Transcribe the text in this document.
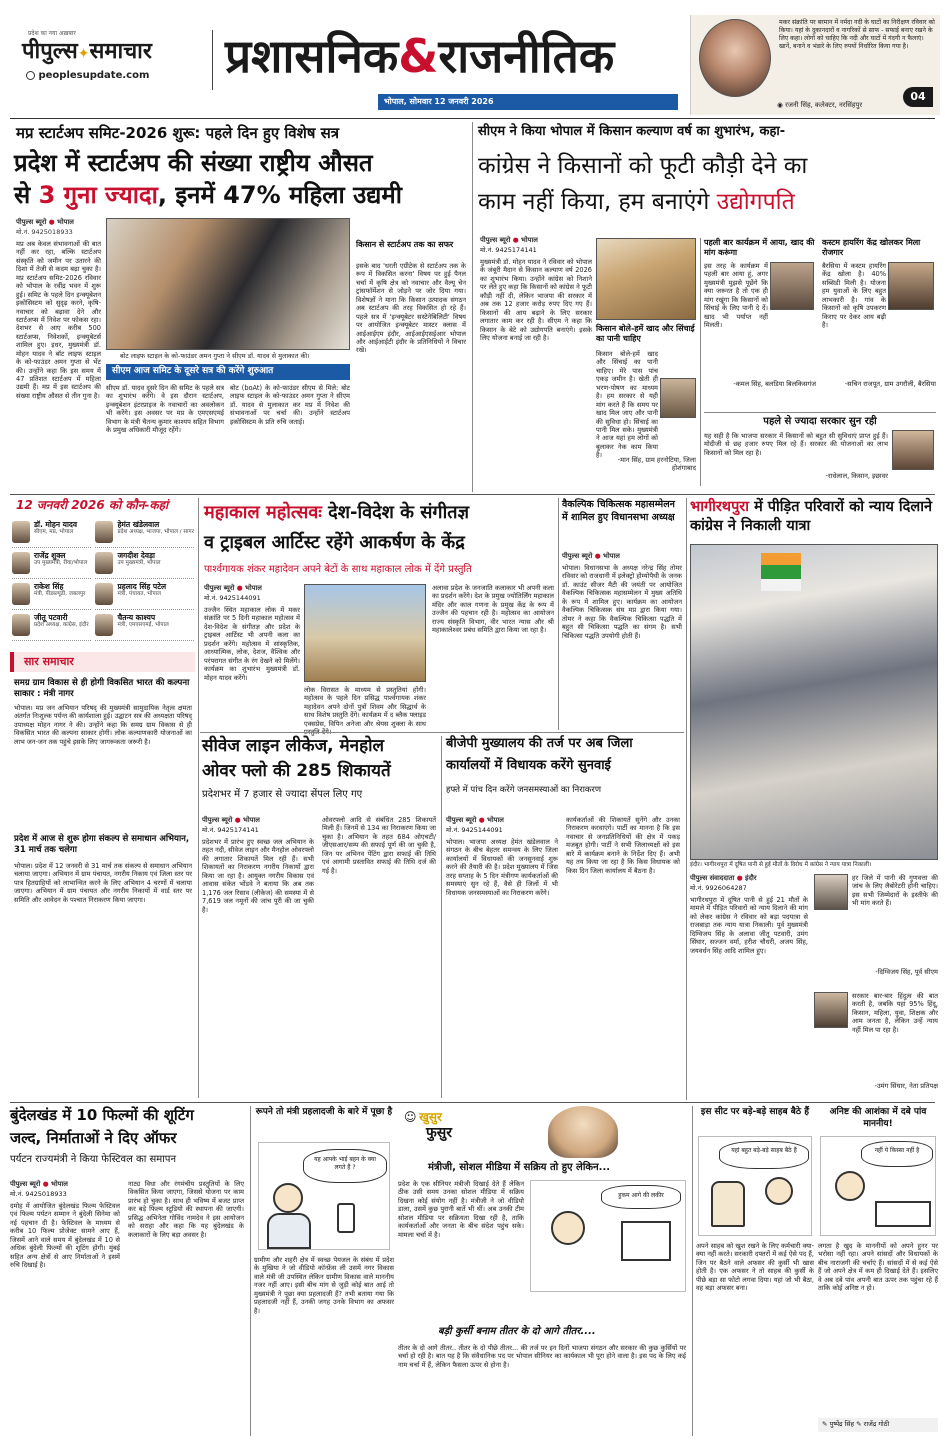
प्रदेश का नया अख़बार
पीपुल्स✦समाचार
peoplesupdate.com प्रशासनिक&राजनीतिक
भोपाल, सोमवार 12 जनवरी 2026
मकर संक्रांति पर बरमान में नर्मदा नदी के घाटों का निरीक्षण रविवार को किया। यहां के दुकानदारों व नागरिकों से साफ - सफाई बनाए रखने के लिए कहा। लोगों को चाहिए कि नदी और घाटों में गंदगी न फैलाएं। खानें, बनाने व भंडारे के लिए रुपयों निर्धारित किया गया है।
◉ रजनी सिंह, कलेक्टर, नरसिंहपुर
04
मप्र स्टार्टअप समिट-2026 शुरू: पहले दिन हुए विशेष सत्र
प्रदेश में स्टार्टअप की संख्या राष्ट्रीय औसत
से 3 गुना ज्यादा, इनमें 47% महिला उद्यमी
पीपुल्स ब्यूरो ● भोपाल
मो.नं. 9425018933
मप्र अब केवल संभावनाओं की बात नहीं कर रहा, बल्कि स्टार्टअप संस्कृति को जमीन पर उतारने की दिशा में तेजी से कदम बढ़ा चुका है। मप्र स्टार्टअप समिट-2026 रविवार को भोपाल के रवींद्र भवन में शुरू हुई। समिट के पहले दिन इन्क्यूबेशन इकोसिस्टम को सुदृढ़ करने, कृषि-नवाचार को बढ़ावा देने और स्टार्टअप्स में निवेश पर फोकस रहा। देशभर से आए करीब 500 स्टार्टअप्स, निवेशकों, इन्क्यूबेटर्स शामिल हुए। इधर, मुख्यमंत्री डॉ. मोहन यादव ने बॉट लाइफ स्टाइल के को-फाउंडर अमन गुप्ता से भेंट की। उन्होंने कहा कि इस समय में 47 प्रतिशत स्टार्टअप में महिला उद्यमी हैं। मप्र में इस स्टार्टअप की संख्या राष्ट्रीय औसत से तीन गुना है।
बोट लाइफ स्टाइल के को-फाउंडर अमन गुप्ता ने सीएम डॉ. यादव से मुलाकात की।
सीएम आज समिट के दूसरे सत्र की करेंगे शुरुआत
सीएम डॉ. यादव दूसरे दिन की समिट के पहले सत्र का शुभारंभ करेंगे। वे इस दौरान स्टार्टअप, इन्क्यूबेशन इंटरप्राइज के नवाचारों का अवलोकन भी करेंगे। इस अवसर पर मप्र के एमएसएमई विभाग के मंत्री चैतन्य कुमार काश्यप सहित विभाग के प्रमुख अधिकारी मौजूद रहेंगे।
बोट (boAt) के को-फाउंडर सीएम से मिले: बोट लाइफ स्टाइल के को-फाउंडर अमन गुप्ता ने सीएम डॉ. यादव से मुलाकात कर मप्र में निवेश की संभावनाओं पर चर्चा की। उन्होंने स्टार्टअप इकोसिस्टम के प्रति रुचि जताई।
किसान से स्टार्टअप तक का सफर
इसके बाद 'धरती एग्रीटेक से स्टार्टअप तक के रूप में विकसित करना' विषय पर हुई पैनल चर्चा में कृषि क्षेत्र को नवाचार और वैल्यू चेन ट्रांसफॉर्मेशन से जोड़ने पर जोर दिया गया। विशेषज्ञों ने माना कि किसान उत्पादक संगठन अब स्टार्टअप की तरह विकसित हो रहे हैं। पहले सत्र में 'इन्क्यूबेटर सस्टेनेबिलिटी' विषय पर आयोजित इन्क्यूबेटर मास्टर क्लास में आईआईएम इंदौर, आईआईएसईआर भोपाल और आईआईटी इंदौर के प्रतिनिधियों ने विचार रखे।
सीएम ने किया भोपाल में किसान कल्याण वर्ष का शुभारंभ, कहा-
कांग्रेस ने किसानों को फूटी कौड़ी देने का
काम नहीं किया, हम बनाएंगे उद्योगपति
पीपुल्स ब्यूरो ● भोपाल
मो.नं. 9425174141
मुख्यमंत्री डॉ. मोहन यादव ने रविवार को भोपाल के जंबूरी मैदान से किसान कल्याण वर्ष 2026 का शुभारंभ किया। उन्होंने कांग्रेस को निशाने पर लेते हुए कहा कि किसानों को कांग्रेस ने फूटी कौड़ी नहीं दी, लेकिन भाजपा की सरकार में अब तक 12 हजार करोड़ रुपए दिए गए हैं। किसानों की आय बढ़ाने के लिए सरकार लगातार काम कर रही है। सीएम ने कहा कि किसान के बेटे को उद्योगपति बनाएंगे। इसके लिए योजना बनाई जा रही है।
किसान बोले-हमें खाद और सिंचाई का पानी चाहिए
किसान बोले-हमें खाद और सिंचाई का पानी चाहिए। मेरे पास पांच एकड़ जमीन है। खेती ही भरण-पोषण का माध्यम है। हम सरकार से यही मांग करते हैं कि समय पर खाद मिल जाए और पानी की सुविधा हो। सिंचाई का पानी मिल सके। मुख्यमंत्री ने आज यहां हम लोगों को बुलाकर नेक काम किया है।
-मान सिंह, ग्राम हरनोटिया, जिला होशंगाबाद
पहली बार कार्यक्रम में आया, खाद की मांग करूंगा
इस तरह के कार्यक्रम में पहली बार आया हूं, अगर मुख्यमंत्री मुझसे पूछेंगे कि क्या जरूरत है तो एक ही मांग रखूंगा कि किसानों को सिंचाई के लिए पानी दे दें। खाद भी पर्याप्त नहीं मिलती।
-कमल सिंह, बलडिया बिलकिसगंज
कस्टम हायरिंग केंद्र खोलकर मिला रोजगार
बैरसिया में कस्टम हायरिंग केंद्र खोला है। 40% सब्सिडी मिली है। योजना हम युवाओं के लिए बहुत लाभकारी है। गांव के किसानों को कृषि उपकरण किराए पर देकर आय बढ़ी है।
-सचिन राजपूत, ग्राम उगरौली, बैरसिया
पहले से ज्यादा सरकार सुन रही
यह सही है कि भाजपा सरकार में किसानों को बहुत सी सुविधाएं प्राप्त हुई हैं। मोदीजी से छह हजार रुपए मिल रहे हैं। सरकार की योजनाओं का लाभ किसानों को मिल रहा है।
-राधेलाल, किसान, इछावर
12 जनवरी 2026 को कौन-कहां
डॉ. मोहन यादव
सीएम, मप्र, भोपाल
हेमंत खंडेलवाल
प्रदेश अध्यक्ष, भाजपा, भोपाल / सागर
राजेंद्र शुक्ल
उप मुख्यमंत्री, रीवा/भोपाल
जगदीश देवड़ा
उप मुख्यमंत्री, भोपाल
राकेश सिंह
मंत्री, पीडब्ल्यूडी, जबलपुर
प्रहलाद सिंह पटेल
मंत्री, पंचायत, भोपाल
जीतू पटवारी
प्रदेश अध्यक्ष, कांग्रेस, इंदौर
चैतन्य काश्यप
मंत्री, एमएसएमई, भोपाल
सार समाचार
समग्र ग्राम विकास से ही होगी विकसित भारत की कल्पना साकार : मंत्री नागर
भोपाल। मप्र जन अभियान परिषद् की मुख्यमंत्री सामुदायिक नेतृत्व क्षमता अंतर्गत निःशुल्क पर्यन्त की कार्यशाला हुई। उद्घाटन सत्र की अध्यक्षता परिषद् उपाध्यक्ष मोहन नागर ने की। उन्होंने कहा कि समग्र ग्राम विकास से ही विकसित भारत की कल्पना साकार होगी। लोक कल्याणकारी योजनाओं का लाभ जन-जन तक पहुंचे इसके लिए जागरूकता जरूरी है।
प्रदेश में आज से शुरू होगा संकल्प से समाधान अभियान, 31 मार्च तक चलेगा
भोपाल। प्रदेश में 12 जनवरी से 31 मार्च तक संकल्प से समाधान अभियान चलाया जाएगा। अभियान में ग्राम पंचायत, नगरीय निकाय एवं जिला स्तर पर पात्र हितग्राहियों को लाभान्वित करने के लिए अभियान 4 चरणों में चलाया जाएगा। अभियान में ग्राम पंचायत और नगरीय निकायों में वार्ड स्तर पर समिति और आवेदन के पश्चात निराकरण किया जाएगा।
महाकाल महोत्सवः देश-विदेश के संगीतज्ञ
व ट्राइबल आर्टिस्ट रहेंगे आकर्षण के केंद्र
पार्श्वगायक शंकर महादेवन अपने बेटों के साथ महाकाल लोक में देंगे प्रस्तुति
पीपुल्स ब्यूरो ● भोपाल
मो.नं. 9425144091
उज्जैन स्थित महाकाल लोक में मकर संक्रांति पर 5 दिनी महाकाल महोत्सव में देश-विदेश के संगीतज्ञ और प्रदेश के ट्राइबल आर्टिस्ट भी अपनी कला का प्रदर्शन करेंगे। महोत्सव में सांस्कृतिक, आध्यात्मिक, लोक, देशज, वैश्विक और परंपरागत संगीत के रंग देखने को मिलेंगे। कार्यक्रम का शुभारंभ मुख्यमंत्री डॉ. मोहन यादव करेंगे।
लोक विरासत के माध्यम से प्रस्तुतियां होंगी। महोत्सव के पहले दिन प्रसिद्ध पार्श्वगायक शंकर महादेवन अपने दोनों पुत्रों शिवम और सिद्धार्थ के साथ विशेष प्रस्तुति देंगे। कार्यक्रम में द ब्लैक फ्लाइड एक्सप्रेस, विपिन अनेजा और श्रेयस शुक्ला के साथ
अलावा प्रदेश के जनजाति कलाकार भी अपनी कला का प्रदर्शन करेंगे। देश के प्रमुख ज्योतिर्लिंग महाकाल मंदिर और काल गणना के प्रमुख केंद्र के रूप में उज्जैन की पहचान रही है। महोत्सव का आयोजन राज्य संस्कृति विभाग, वीर भारत न्यास और श्री महाकालेश्वर प्रबंध समिति द्वारा किया जा रहा है।
वैकल्पिक चिकित्सक महासम्मेलन में शामिल हुए विधानसभा अध्यक्ष
पीपुल्स ब्यूरो ● भोपाल
भोपाल। विधानसभा के अध्यक्ष नरेन्द्र सिंह तोमर रविवार को राजधानी में इलेक्ट्रो होम्योपैथी के जनक डॉ. काउंट सीजर मैटी की जयंती पर आयोजित वैकल्पिक चिकित्सक महासम्मेलन में मुख्य अतिथि के रूप में शामिल हुए। कार्यक्रम का आयोजन वैकल्पिक चिकित्सक संघ मप्र द्वारा किया गया। तोमर ने कहा कि वैकल्पिक चिकित्सा पद्धति में बहुत सी चिकित्सा पद्धति का संगम है। सभी चिकित्सा पद्धति उपयोगी होती हैं।
भागीरथपुरा में पीड़ित परिवारों को न्याय दिलाने कांग्रेस ने निकाली यात्रा
इंदौर। भागीरथपुरा में दूषित पानी से हुई मौतों के विरोध में कांग्रेस ने न्याय यात्रा निकाली।
पीपुल्स संवाददाता ● इंदौर
मो.नं. 9926064287
भागीरथपुरा में दूषित पानी से हुई 21 मौतों के मामले में पीड़ित परिवारों को न्याय दिलाने की मांग को लेकर कांग्रेस ने रविवार को बड़ा पदयात्रा से राजबाड़ा तक न्याय यात्रा निकाली। पूर्व मुख्यमंत्री दिग्विजय सिंह के अलावा जीतू पटवारी, उमंग सिंघार, सज्जन वर्मा, हरीश चौधरी, अजय सिंह, जयवर्धन सिंह आदि शामिल हुए।
हर जिले में पानी की गुणवत्ता की जांच के लिए लैबोरेटरी होनी चाहिए। इस सभी जिम्मेदारों के इस्तीफे की भी मांग करते हैं।
-दिग्विजय सिंह, पूर्व सीएम
सरकार बार-बार हिंदुत्व की बात करती है, जबकि यहां 95% हिंदू, किसान, महिला, युवा, शिक्षक और आम जनता है, लेकिन उन्हें न्याय नहीं मिल पा रहा है।
-उमंग सिंघार, नेता प्रतिपक्ष
सीवेज लाइन लीकेज, मेनहोल
ओवर फ्लो की 285 शिकायतें
प्रदेशभर में 7 हजार से ज्यादा सेंपल लिए गए
पीपुल्स ब्यूरो ● भोपाल
मो.नं. 9425174141
प्रदेशभर में प्रारंभ हुए स्वच्छ जल अभियान के तहत नदी, सीवेज लाइन और मैनहोल ओवरफ्लो की लगातार शिकायतें मिल रही हैं। सभी शिकायतों का निराकरण नगरीय निकायों द्वारा किया जा रहा है। आयुक्त नगरीय विकास एवं आवास संकेत भोंडवे ने बताया कि अब तक 1,176 जल रिसाव (लीकेज) की समस्या में से 7,619 जल नमूनों की जांच पूरी की जा चुकी है।
ओवरफ्लो आदि से संबंधित 285 शिकायतें मिली हैं। जिनमें से 134 का निराकरण किया जा चुका है। अभियान के तहत 684 ओएचटी/जीएसआर/सम्प की सफाई पूर्ण की जा चुकी है, जिन पर अभिनव पेंटिंग द्वारा सफाई की तिथि एवं आगामी प्रस्तावित सफाई की तिथि दर्ज की गई है।
बीजेपी मुख्यालय की तर्ज पर अब जिला
कार्यालयों में विधायक करेंगे सुनवाई
हफ्ते में पांच दिन करेंगे जनसमस्याओं का निराकरण
पीपुल्स ब्यूरो ● भोपाल
मो.नं. 9425144091
भोपाल। भाजपा अध्यक्ष हेमंत खंडेलवाल ने संगठन के बीच बेहतर समन्वय के लिए जिला कार्यालयों में विधायकों की जनसुनवाई शुरू करने की तैयारी की है। प्रदेश मुख्यालय में जिस तरह सप्ताह के 5 दिन मंत्रीगण कार्यकर्ताओं की समस्याएं सुन रहे हैं, वैसे ही जिलों में भी विधायक जनसमस्याओं का निराकरण करेंगे।
कार्यकर्ताओं की शिकायतें सुनेंगे और उनका निराकरण करवाएंगे। पार्टी का मानना है कि इस नवाचार से जनप्रतिनिधियों की क्षेत्र में पकड़ मजबूत होगी। पार्टी ने सभी जिलाध्यक्षों को इस बारे में कार्यक्रम बनाने के निर्देश दिए हैं। अभी यह तय किया जा रहा है कि किस विधायक को किस दिन जिला कार्यालय में बैठना है।
बुंदेलखंड में 10 फिल्मों की शूटिंग
जल्द, निर्माताओं ने दिए ऑफर
पर्यटन राज्यमंत्री ने किया फेस्टिवल का समापन
पीपुल्स ब्यूरो ● भोपाल
मो.नं. 9425018933
दमोह में आयोजित बुंदेलखंड फिल्म फेस्टिवल एवं फिल्म पर्यटन सम्मान ने बुंदेली सिनेमा को नई पहचान दी है। फेस्टिवल के माध्यम से करीब 10 फिल्म प्रोजेक्ट सामने आए हैं, जिसमें आने वाले समय में बुंदेलखंड में 10 से अधिक बुंदेली फिल्मों की शूटिंग होगी। मुंबई सहित अन्य क्षेत्रों से आए निर्माताओं ने इसमें रुचि दिखाई है।
नाट्य विधा और रंगमंचीय प्रस्तुतियों के लिए विकसित किया जाएगा, जिससे योजना पर काम प्रारंभ हो चुका है। साथ ही भविष्य में बजट प्राप्त कर बड़े फिल्म स्टूडियो की स्थापना की जाएगी। प्रसिद्ध अभिनेता गोविंद नामदेव ने इस आयोजन को सराहा और कहा कि यह बुंदेलखंड के कलाकारों के लिए बड़ा अवसर है।
रूपने तो मंत्री प्रहलादजी के बारे में पूछा है
यह आपके भाई बहन के क्या लगते हैं ?
ग्रामीण और शहरी क्षेत्र में स्वच्छ पेयजल के संबंध में प्रदेश के मुखिया ने जो वीडियो कॉन्फ्रेंस ली उसमें नगर विकास वाले मंत्री जी उपस्थित लेकिन ग्रामीण विकास वाले माननीय नजर नहीं आए। इसी बीच मांग से जुड़ी कोई बात आई तो मुख्यमंत्री ने पूछा क्या प्रहलादजी हैं? तभी बताया गया कि प्रहलादजी नहीं हैं, उनकी जगह उनके विभाग का अफसर है।
☺ खुसुर
फुसुर
मंत्रीजी, सोशल मीडिया में सक्रिय तो हुए लेकिन...
प्रदेश के एक सीनियर मंत्रीजी दिखाई देते हैं लेकिन ठीक उसी समय उनका सोशल मीडिया में सक्रिय दिखना कोई संयोग नहीं है। मंत्रीजी ने जो वीडियो डाला, उसमें कुछ पुरानी बातें भी थीं। अब उनकी टीम सोशल मीडिया पर सक्रियता दिखा रही है, ताकि कार्यकर्ताओं और जनता के बीच संदेश पहुंच सके। मामला चर्चा में है।
हुकम आगे की लकीर
बड़ी कुर्सी बनाम तीतर के दो आगे तीतर....
तीतर के दो आगे तीतर.. तीतर के दो पीछे तीतर... की तर्ज पर इन दिनों भाजपा संगठन और सरकार की कुछ कुर्सियों पर चर्चा हो रही है। बात यह है कि संवैधानिक पद पर भोपाल सीनियर का कार्यकाल भी पूरा होने वाला है। इस पद के लिए कई नाम चर्चा में हैं, लेकिन फैसला ऊपर से होना है।
इस सीट पर बड़े-बड़े साहब बैठे हैं
यहां बहुत बड़े-बड़े साहब बैठे हैं
अपने साहब को खुश रखने के लिए कर्मचारी क्या-क्या नहीं करते। सरकारी दफ्तरों में कई ऐसे पद हैं, जिन पर बैठने वाले अफसर की कुर्सी भी खास होती है। एक अफसर ने तो साहब की कुर्सी के पीछे बड़ा सा फोटो लगवा दिया। यहां जो भी बैठा, वह बड़ा अफसर बना।
अनिष्ट की आशंका में दबे पांव माननीय!
नहीं ये किस्सा नहीं है
लगता है खुद के माननीयों को अपने हुनर पर भरोसा नहीं रहा। अपने सांसदों और विधायकों के बीच नाराजगी की चर्चाएं हैं। सांसदों में से कई ऐसे हैं जो अपने क्षेत्र में कम ही दिखाई देते हैं। इसलिए वे अब दबे पांव अपनी बात ऊपर तक पहुंचा रहे हैं ताकि कोई अनिष्ट न हो।
✎ पुष्पेंद्र सिंह ✎ राजेंद्र गोठी
